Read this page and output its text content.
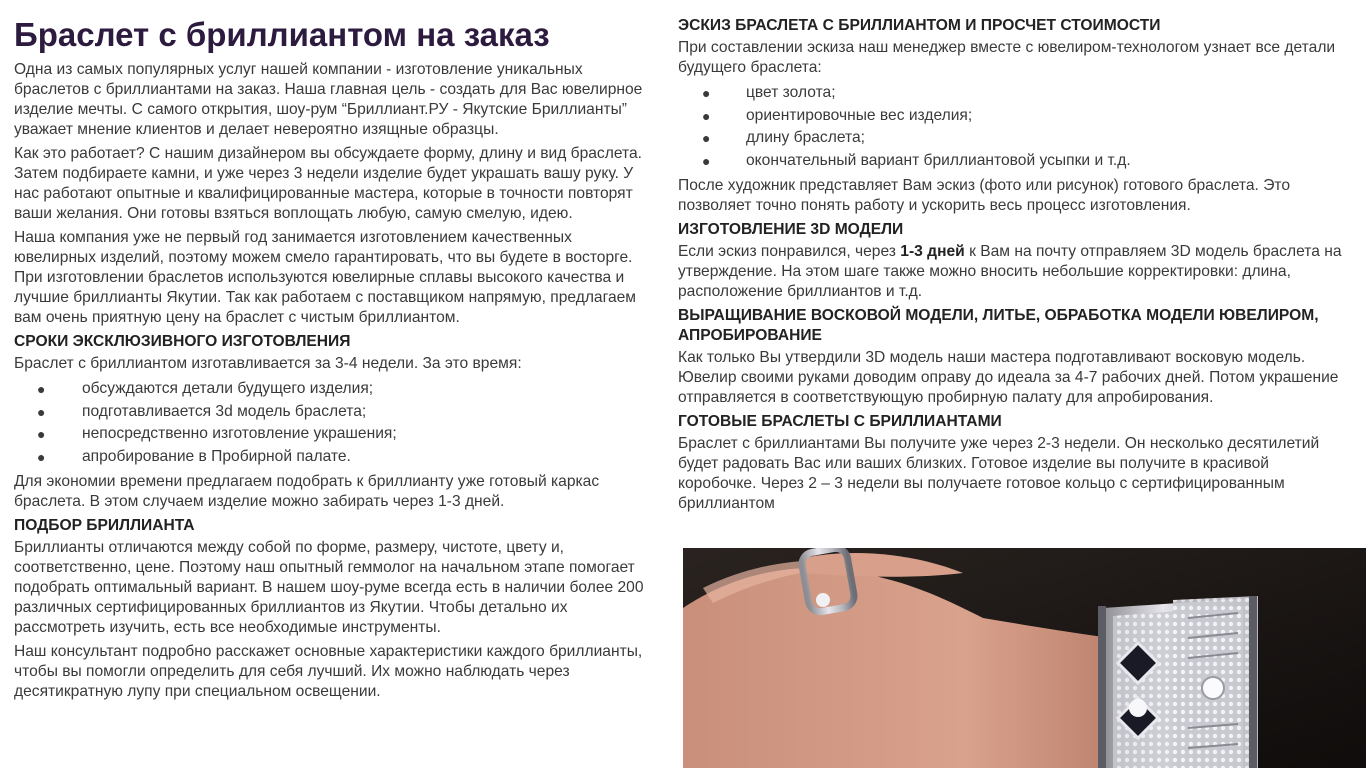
Браслет с бриллиантом на заказ

Одна из самых популярных услуг нашей компании - изготовление уникальных браслетов с бриллиантами на заказ. Наша главная цель - создать для Вас ювелирное изделие мечты. С самого открытия, шоу-рум “Бриллиант.РУ - Якутские Бриллианты” уважает мнение клиентов и делает невероятно изящные образцы.

Как это работает? С нашим дизайнером вы обсуждаете форму, длину и вид браслета. Затем подбираете камни, и уже через 3 недели изделие будет украшать вашу руку. У нас работают опытные и квалифицированные мастера, которые в точности повторят ваши желания. Они готовы взяться воплощать любую, самую смелую, идею.

Наша компания уже не первый год занимается изготовлением качественных ювелирных изделий, поэтому можем смело гарантировать, что вы будете в восторге. При изготовлении браслетов используются ювелирные сплавы высокого качества и лучшие бриллианты Якутии. Так как работаем с поставщиком напрямую, предлагаем вам очень приятную цену на браслет с чистым бриллиантом.

СРОКИ ЭКСКЛЮЗИВНОГО ИЗГОТОВЛЕНИЯ

Браслет с бриллиантом изготавливается за 3-4 недели. За это время:

● обсуждаются детали будущего изделия;
● подготавливается 3d модель браслета;
● непосредственно изготовление украшения;
● апробирование в Пробирной палате.

Для экономии времени предлагаем подобрать к бриллианту уже готовый каркас браслета. В этом случаем изделие можно забирать через 1-3 дней.

ПОДБОР БРИЛЛИАНТА

Бриллианты отличаются между собой по форме, размеру, чистоте, цвету и, соответственно, цене. Поэтому наш опытный геммолог на начальном этапе помогает подобрать оптимальный вариант. В нашем шоу-руме всегда есть в наличии более 200 различных сертифицированных бриллиантов из Якутии. Чтобы детально их рассмотреть изучить, есть все необходимые инструменты.

Наш консультант подробно расскажет основные характеристики каждого бриллианты, чтобы вы помогли определить для себя лучший. Их можно наблюдать через десятикратную лупу при специальном освещении.

ЭСКИЗ БРАСЛЕТА С БРИЛЛИАНТОМ И ПРОСЧЕТ СТОИМОСТИ

При составлении эскиза наш менеджер вместе с ювелиром-технологом узнает все детали будущего браслета:

● цвет золота;
● ориентировочные вес изделия;
● длину браслета;
● окончательный вариант бриллиантовой усыпки и т.д.

После художник представляет Вам эскиз (фото или рисунок) готового браслета. Это позволяет точно понять работу и ускорить весь процесс изготовления.

ИЗГОТОВЛЕНИЕ 3D МОДЕЛИ

Если эскиз понравился, через 1-3 дней к Вам на почту отправляем 3D модель браслета на утверждение. На этом шаге также можно вносить небольшие корректировки: длина, расположение бриллиантов и т.д.

ВЫРАЩИВАНИЕ ВОСКОВОЙ МОДЕЛИ, ЛИТЬЕ, ОБРАБОТКА МОДЕЛИ ЮВЕЛИРОМ, АПРОБИРОВАНИЕ

Как только Вы утвердили 3D модель наши мастера подготавливают восковую модель. Ювелир своими руками доводим оправу до идеала за 4-7 рабочих дней. Потом украшение отправляется в соответствующую пробирную палату для апробирования.

ГОТОВЫЕ БРАСЛЕТЫ С БРИЛЛИАНТАМИ

Браслет с бриллиантами Вы получите уже через 2-3 недели. Он несколько десятилетий будет радовать Вас или ваших близких. Готовое изделие вы получите в красивой коробочке. Через 2 – 3 недели вы получаете готовое кольцо с сертифицированным бриллиантом
